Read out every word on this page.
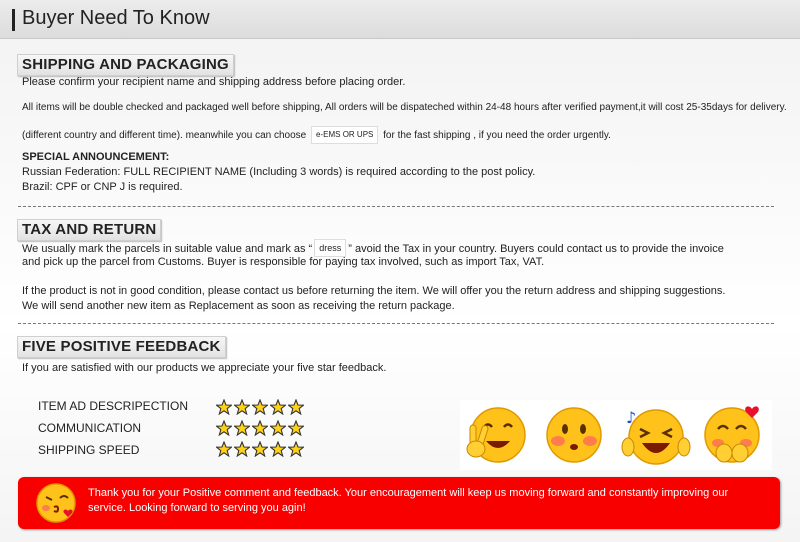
Buyer Need To Know
SHIPPING AND PACKAGING
Please confirm your recipient name and shipping address before placing order.
All items will be double checked and packaged well before shipping, All orders will be dispateched within 24-48 hours after verified payment,it will cost 25-35days for delivery.
(different country and different time). meanwhile you can choose e-EMS OR UPS for the fast shipping , if you need the order urgently.
SPECIAL ANNOUNCEMENT:
Russian Federation: FULL RECIPIENT NAME (Including 3 words) is required according to the post policy.
Brazil: CPF or CNP J is required.
TAX AND RETURN
We usually mark the parcels in suitable value and mark as “ dress ” avoid the Tax in your country. Buyers could contact us to provide the invoice
and pick up the parcel from Customs. Buyer is responsible for paying tax involved, such as import Tax, VAT.
If the product is not in good condition, please contact us before returning the item. We will offer you the return address and shipping suggestions.
We will send another new item as Replacement as soon as receiving the return package.
FIVE POSITIVE FEEDBACK
If you are satisfied with our products we appreciate your five star feedback.
ITEM AD DESCRIPECTION
COMMUNICATION
SHIPPING SPEED
♪
Thank you for your Positive comment and feedback. Your encouragement will keep us moving forward and constantly improving our service. Looking forward to serving you agin!
